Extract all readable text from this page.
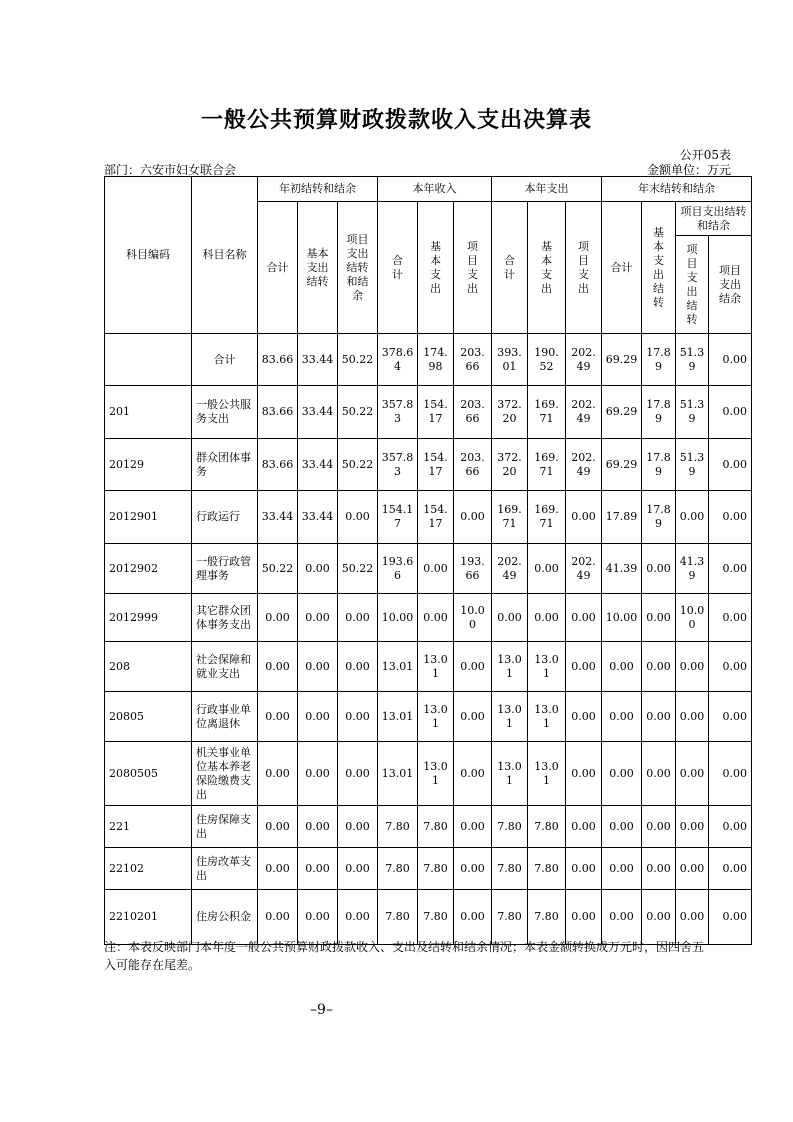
一般公共预算财政拨款收入支出决算表
公开05表
部门：六安市妇女联合会	金额单位：万元
科目编码	科目名称	年初结转和结余			本年收入			本年支出			年末结转和结余			
		合计	基本支出结转	项目支出结转和结余	合计	基本支出	项目支出	合计	基本支出	项目支出	合计	基本支出结转	项目支出结转和结余	
													项目支出结转	项目支出结余
	合计	83.66	33.44	50.22	378.64	174.98	203.66	393.01	190.52	202.49	69.29	17.89	51.39	0.00
201	一般公共服务支出	83.66	33.44	50.22	357.83	154.17	203.66	372.20	169.71	202.49	69.29	17.89	51.39	0.00
20129	群众团体事务	83.66	33.44	50.22	357.83	154.17	203.66	372.20	169.71	202.49	69.29	17.89	51.39	0.00
2012901	行政运行	33.44	33.44	0.00	154.17	154.17	0.00	169.71	169.71	0.00	17.89	17.89	0.00	0.00
2012902	一般行政管理事务	50.22	0.00	50.22	193.66	0.00	193.66	202.49	0.00	202.49	41.39	0.00	41.39	0.00
2012999	其它群众团体事务支出	0.00	0.00	0.00	10.00	0.00	10.00	0.00	0.00	0.00	10.00	0.00	10.00	0.00
208	社会保障和就业支出	0.00	0.00	0.00	13.01	13.01	0.00	13.01	13.01	0.00	0.00	0.00	0.00	0.00
20805	行政事业单位离退休	0.00	0.00	0.00	13.01	13.01	0.00	13.01	13.01	0.00	0.00	0.00	0.00	0.00
2080505	机关事业单位基本养老保险缴费支出	0.00	0.00	0.00	13.01	13.01	0.00	13.01	13.01	0.00	0.00	0.00	0.00	0.00
221	住房保障支出	0.00	0.00	0.00	7.80	7.80	0.00	7.80	7.80	0.00	0.00	0.00	0.00	0.00
22102	住房改革支出	0.00	0.00	0.00	7.80	7.80	0.00	7.80	7.80	0.00	0.00	0.00	0.00	0.00
2210201	住房公积金	0.00	0.00	0.00	7.80	7.80	0.00	7.80	7.80	0.00	0.00	0.00	0.00	0.00
注：本表反映部门本年度一般公共预算财政拨款收入、支出及结转和结余情况；本表金额转换成万元时，因四舍五入可能存在尾差。
–9–
